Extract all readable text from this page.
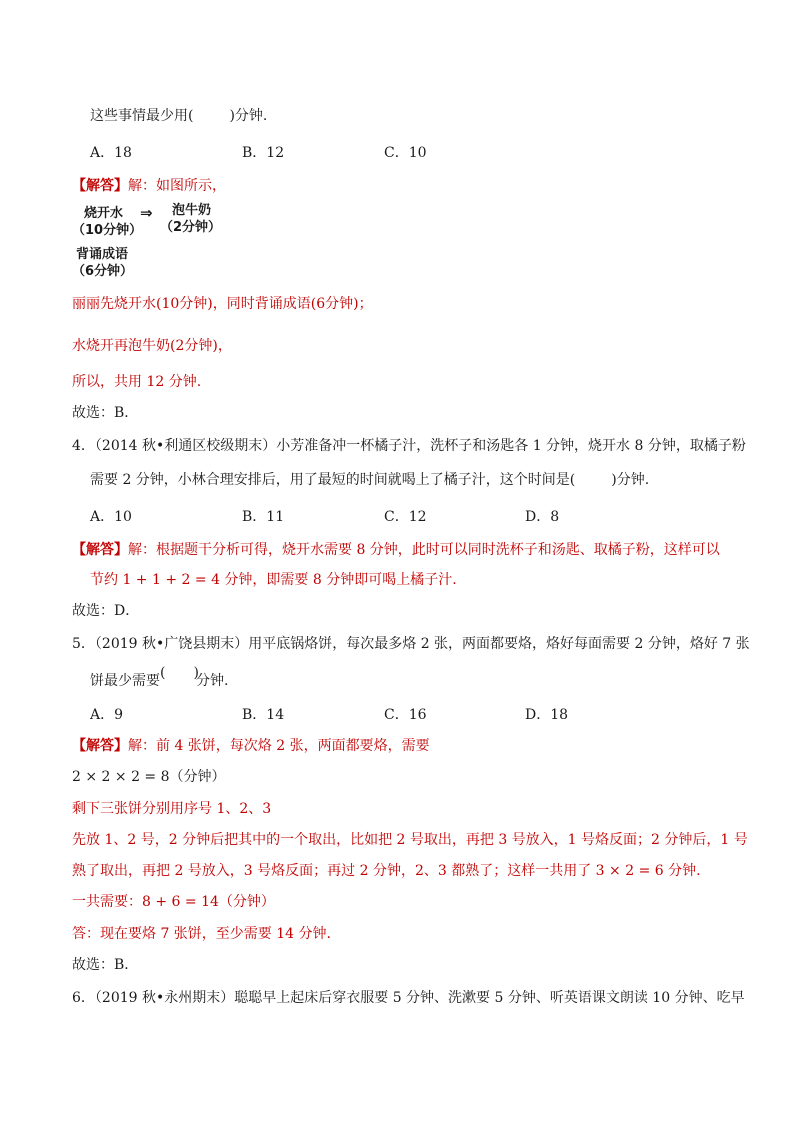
这些事情最少用(	)分钟.
A．18	B．12	C．10
【解答】解：如图所示，
烧开水
（10分钟）
⇒ 泡牛奶
（2分钟）
背诵成语
（6分钟）
丽丽先烧开水(10分钟)，同时背诵成语(6分钟)；
水烧开再泡牛奶(2分钟)，
所以，共用 12 分钟.
故选：B．
4．（2014 秋•利通区校级期末）小芳准备冲一杯橘子汁，洗杯子和汤匙各 1 分钟，烧开水 8 分钟，取橘子粉
需要 2 分钟，小林合理安排后，用了最短的时间就喝上了橘子汁，这个时间是(	)分钟.
A．10	B．11	C．12	D．8
【解答】解：根据题干分析可得，烧开水需要 8 分钟，此时可以同时洗杯子和汤匙、取橘子粉，这样可以
节约 1 + 1 + 2 = 4 分钟，即需要 8 分钟即可喝上橘子汁.
故选：D．
5．（2019 秋•广饶县期末）用平底锅烙饼，每次最多烙 2 张，两面都要烙，烙好每面需要 2 分钟，烙好 7 张
饼最少需要(  )分钟.
A．9	B．14	C．16	D．18
【解答】解：前 4 张饼，每次烙 2 张，两面都要烙，需要
2 × 2 × 2 = 8（分钟）
剩下三张饼分别用序号 1、2、3
先放 1、2 号，2 分钟后把其中的一个取出，比如把 2 号取出，再把 3 号放入，1 号烙反面；2 分钟后，1 号
熟了取出，再把 2 号放入，3 号烙反面；再过 2 分钟，2、3 都熟了；这样一共用了 3 × 2 = 6 分钟.
一共需要：8 + 6 = 14（分钟）
答：现在要烙 7 张饼，至少需要 14 分钟.
故选：B．
6．（2019 秋•永州期末）聪聪早上起床后穿衣服要 5 分钟、洗漱要 5 分钟、听英语课文朗读 10 分钟、吃早
